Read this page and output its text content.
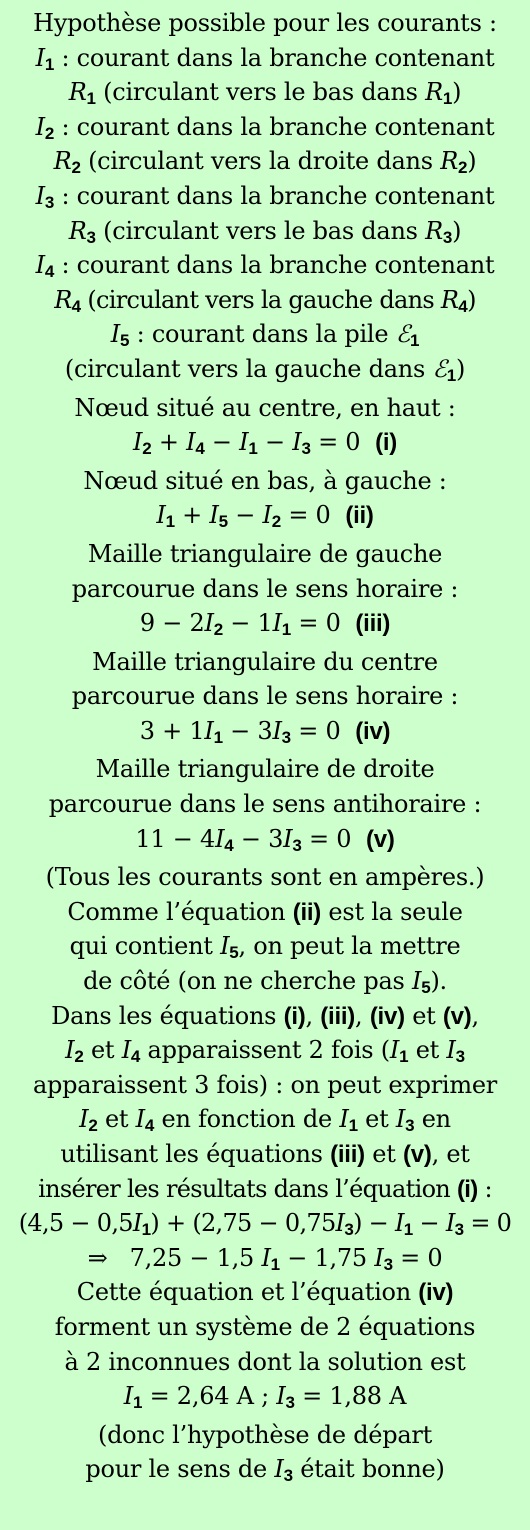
Hypothèse possible pour les courants :
$I_1$ : courant dans la branche contenant
$R_1$ (circulant vers le bas dans $R_1$)
$I_2$ : courant dans la branche contenant
$R_2$ (circulant vers la droite dans $R_2$)
$I_3$ : courant dans la branche contenant
$R_3$ (circulant vers le bas dans $R_3$)
$I_4$ : courant dans la branche contenant
$R_4$ (circulant vers la gauche dans $R_4$)
$I_5$ : courant dans la pile ℰ$_1$
(circulant vers la gauche dans ℰ$_1$)
Nœud situé au centre, en haut :
$I_2 + I_4 - I_1 - I_3 = 0$ (i)
Nœud situé en bas, à gauche :
$I_1 + I_5 - I_2 = 0$ (ii)
Maille triangulaire de gauche
parcourue dans le sens horaire :
$9 - 2I_2 - 1I_1 = 0$ (iii)
Maille triangulaire du centre
parcourue dans le sens horaire :
$3 + 1I_1 - 3I_3 = 0$ (iv)
Maille triangulaire de droite
parcourue dans le sens antihoraire :
$11 - 4I_4 - 3I_3 = 0$ (v)
(Tous les courants sont en ampères.)
Comme l’équation (ii) est la seule
qui contient $I_5$, on peut la mettre
de côté (on ne cherche pas $I_5$).
Dans les équations (i), (iii), (iv) et (v),
$I_2$ et $I_4$ apparaissent 2 fois ($I_1$ et $I_3$
apparaissent 3 fois) : on peut exprimer
$I_2$ et $I_4$ en fonction de $I_1$ et $I_3$ en
utilisant les équations (iii) et (v), et
insérer les résultats dans l’équation (i) :
$(4,5 - 0,5I_1) + (2,75 - 0,75I_3) - I_1 - I_3 = 0$
⇒ 7,25 − 1,5 $I_1 - 1,75$ $I_3 = 0$
Cette équation et l’équation (iv)
forment un système de 2 équations
à 2 inconnues dont la solution est
$I_1 = 2,64$ A ; $I_3 = 1,88$ A
(donc l’hypothèse de départ
pour le sens de $I_3$ était bonne)
